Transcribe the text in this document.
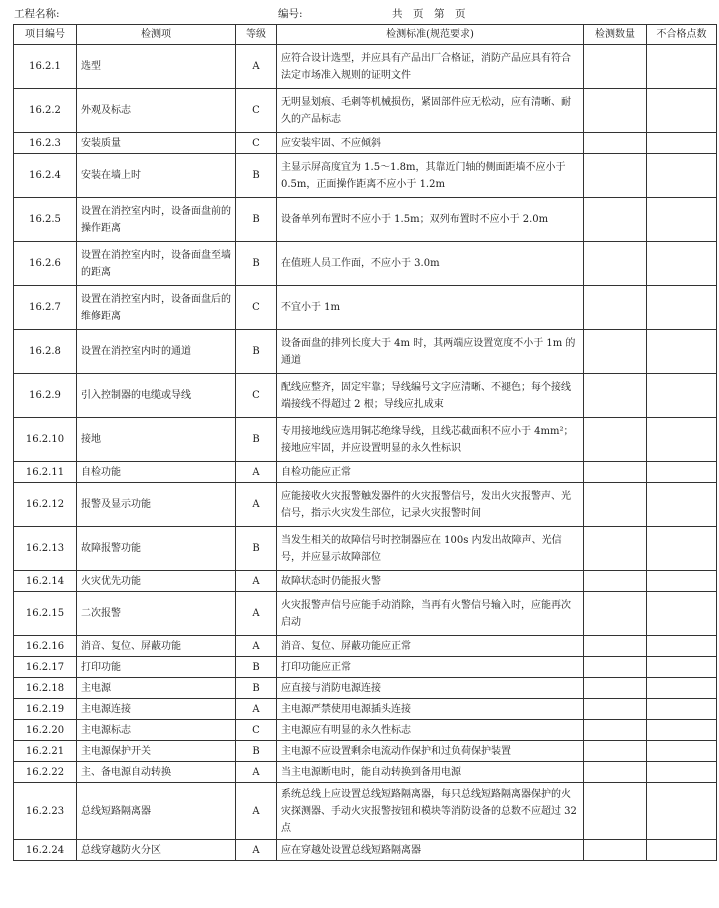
工程名称:	编号:	共　页　第　页
项目编号	检测项	等级	检测标准(规范要求)	检测数量	不合格点数
16.2.1	选型	A	应符合设计选型，并应具有产品出厂合格证，消防产品应具有符合法定市场准入规则的证明文件		
16.2.2	外观及标志	C	无明显划痕、毛刺等机械损伤，紧固部件应无松动，应有清晰、耐久的产品标志		
16.2.3	安装质量	C	应安装牢固、不应倾斜		
16.2.4	安装在墙上时	B	主显示屏高度宜为 1.5～1.8m，其靠近门轴的侧面距墙不应小于 0.5m，正面操作距离不应小于 1.2m		
16.2.5	设置在消控室内时，设备面盘前的操作距离	B	设备单列布置时不应小于 1.5m；双列布置时不应小于 2.0m		
16.2.6	设置在消控室内时，设备面盘至墙的距离	B	在值班人员工作面，不应小于 3.0m		
16.2.7	设置在消控室内时，设备面盘后的维修距离	C	不宜小于 1m		
16.2.8	设置在消控室内时的通道	B	设备面盘的排列长度大于 4m 时，其两端应设置宽度不小于 1m 的通道		
16.2.9	引入控制器的电缆或导线	C	配线应整齐，固定牢靠；导线编号文字应清晰、不褪色；每个接线端接线不得超过 2 根；导线应扎成束		
16.2.10	接地	B	专用接地线应选用铜芯绝缘导线，且线芯截面积不应小于 4mm²；接地应牢固，并应设置明显的永久性标识		
16.2.11	自检功能	A	自检功能应正常		
16.2.12	报警及显示功能	A	应能接收火灾报警触发器件的火灾报警信号，发出火灾报警声、光信号，指示火灾发生部位，记录火灾报警时间		
16.2.13	故障报警功能	B	当发生相关的故障信号时控制器应在 100s 内发出故障声、光信号，并应显示故障部位		
16.2.14	火灾优先功能	A	故障状态时仍能报火警		
16.2.15	二次报警	A	火灾报警声信号应能手动消除，当再有火警信号输入时，应能再次启动		
16.2.16	消音、复位、屏蔽功能	A	消音、复位、屏蔽功能应正常		
16.2.17	打印功能	B	打印功能应正常		
16.2.18	主电源	B	应直接与消防电源连接		
16.2.19	主电源连接	A	主电源严禁使用电源插头连接		
16.2.20	主电源标志	C	主电源应有明显的永久性标志		
16.2.21	主电源保护开关	B	主电源不应设置剩余电流动作保护和过负荷保护装置		
16.2.22	主、备电源自动转换	A	当主电源断电时，能自动转换到备用电源		
16.2.23	总线短路隔离器	A	系统总线上应设置总线短路隔离器，每只总线短路隔离器保护的火灾探测器、手动火灾报警按钮和模块等消防设备的总数不应超过 32 点		
16.2.24	总线穿越防火分区	A	应在穿越处设置总线短路隔离器		
